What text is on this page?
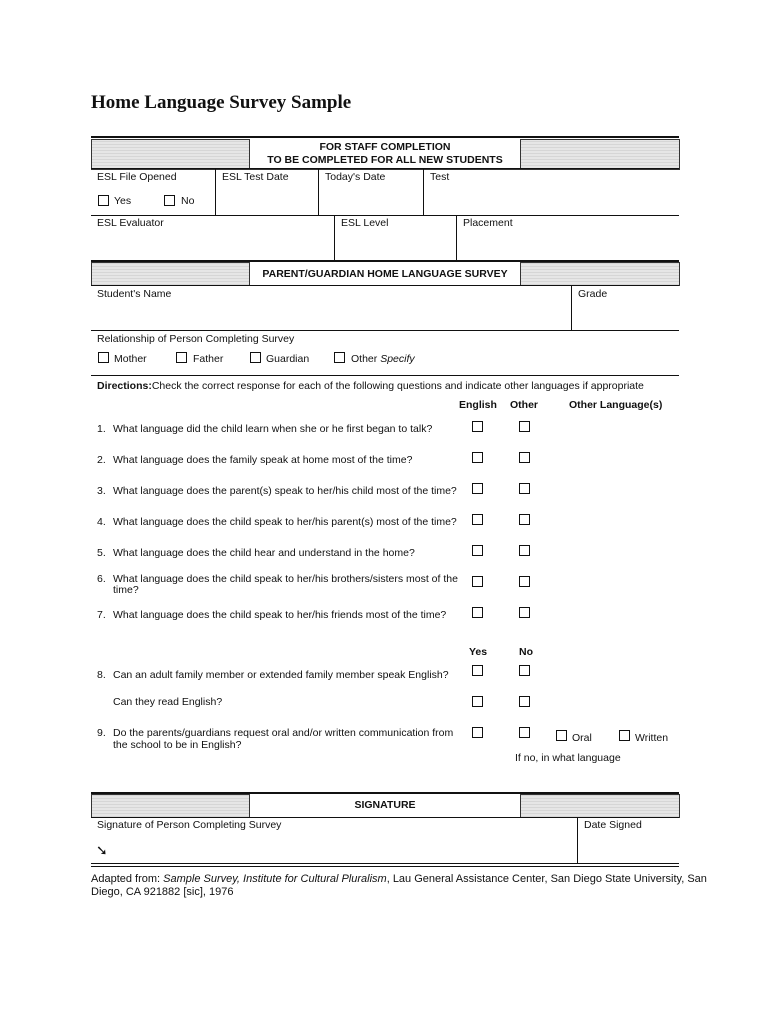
Home Language Survey Sample
FOR STAFF COMPLETION
TO BE COMPLETED FOR ALL NEW STUDENTS
ESL File Opened	ESL Test Date	Today's Date	Test
Yes	No
ESL Evaluator	ESL Level	Placement
PARENT/GUARDIAN HOME LANGUAGE SURVEY
Student's Name	Grade
Relationship of Person Completing Survey
Mother	Father	Guardian	Other Specify
Directions:Check the correct response for each of the following questions and indicate other languages if appropriate
English Other	Other Language(s)
1. What language did the child learn when she or he first began to talk?
2. What language does the family speak at home most of the time?
3. What language does the parent(s) speak to her/his child most of the time?
4. What language does the child speak to her/his parent(s) most of the time?
5. What language does the child hear and understand in the home?
6. What language does the child speak to her/his brothers/sisters most of the
time?
7. What language does the child speak to her/his friends most of the time?
Yes	No
8. Can an adult family member or extended family member speak English?
Can they read English?
9. Do the parents/guardians request oral and/or written communication from
the school to be in English?
Oral	Written
If no, in what language
SIGNATURE
Signature of Person Completing Survey	Date Signed
➘
Adapted from: Sample Survey, Institute for Cultural Pluralism, Lau General Assistance Center, San Diego State University, San
Diego, CA 921882 [sic], 1976
